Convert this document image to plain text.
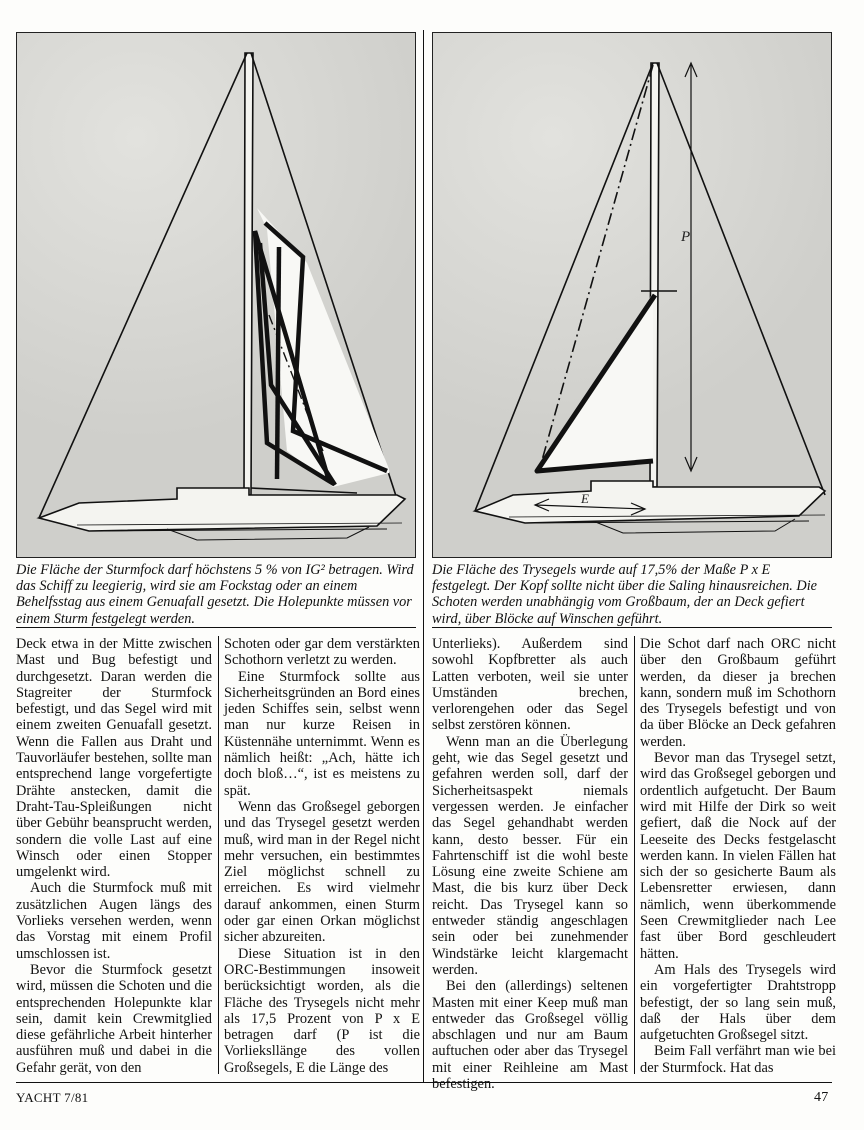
P
E

Die Fläche der Sturmfock darf höchstens 5 % von IG² betragen. Wird das Schiff zu leegierig, wird sie am Fockstag oder an einem Behelfsstag aus einem Genuafall gesetzt. Die Holepunkte müssen vor einem Sturm festgelegt werden.

Die Fläche des Trysegels wurde auf 17,5% der Maße P x E festgelegt. Der Kopf sollte nicht über die Saling hinausreichen. Die Schoten werden unabhängig vom Großbaum, der an Deck gefiert wird, über Blöcke auf Winschen geführt.

Deck etwa in der Mitte zwischen Mast und Bug befestigt und durchgesetzt. Daran werden die Stagreiter der Sturmfock befestigt, und das Segel wird mit einem zweiten Genuafall gesetzt. Wenn die Fallen aus Draht und Tauvorläufer bestehen, sollte man entsprechend lange vorgefertigte Drähte anstecken, damit die Draht-Tau-Spleißungen nicht über Gebühr beansprucht werden, sondern die volle Last auf eine Winsch oder einen Stopper umgelenkt wird.

Auch die Sturmfock muß mit zusätzlichen Augen längs des Vorlieks versehen werden, wenn das Vorstag mit einem Profil umschlossen ist.

Bevor die Sturmfock gesetzt wird, müssen die Schoten und die entsprechenden Holepunkte klar sein, damit kein Crewmitglied diese gefährliche Arbeit hinterher ausführen muß und dabei in die Gefahr gerät, von den

Schoten oder gar dem verstärkten Schothorn verletzt zu werden.

Eine Sturmfock sollte aus Sicherheitsgründen an Bord eines jeden Schiffes sein, selbst wenn man nur kurze Reisen in Küstennähe unternimmt. Wenn es nämlich heißt: „Ach, hätte ich doch bloß…“, ist es meistens zu spät.

Wenn das Großsegel geborgen und das Trysegel gesetzt werden muß, wird man in der Regel nicht mehr versuchen, ein bestimmtes Ziel möglichst schnell zu erreichen. Es wird vielmehr darauf ankommen, einen Sturm oder gar einen Orkan möglichst sicher abzureiten.

Diese Situation ist in den ORC-Bestimmungen insoweit berücksichtigt worden, als die Fläche des Trysegels nicht mehr als 17,5 Prozent von P x E betragen darf (P ist die Vorlieksllänge des vollen Großsegels, E die Länge des

Unterlieks). Außerdem sind sowohl Kopfbretter als auch Latten verboten, weil sie unter Umständen brechen, verlorengehen oder das Segel selbst zerstören können.

Wenn man an die Überlegung geht, wie das Segel gesetzt und gefahren werden soll, darf der Sicherheitsaspekt niemals vergessen werden. Je einfacher das Segel gehandhabt werden kann, desto besser. Für ein Fahrtenschiff ist die wohl beste Lösung eine zweite Schiene am Mast, die bis kurz über Deck reicht. Das Trysegel kann so entweder ständig angeschlagen sein oder bei zunehmender Windstärke leicht klargemacht werden.

Bei den (allerdings) seltenen Masten mit einer Keep muß man entweder das Großsegel völlig abschlagen und nur am Baum auftuchen oder aber das Trysegel mit einer Reihleine am Mast befestigen.

Die Schot darf nach ORC nicht über den Großbaum geführt werden, da dieser ja brechen kann, sondern muß im Schothorn des Trysegels befestigt und von da über Blöcke an Deck gefahren werden.

Bevor man das Trysegel setzt, wird das Großsegel geborgen und ordentlich aufgetucht. Der Baum wird mit Hilfe der Dirk so weit gefiert, daß die Nock auf der Leeseite des Decks festgelascht werden kann. In vielen Fällen hat sich der so gesicherte Baum als Lebensretter erwiesen, dann nämlich, wenn überkommende Seen Crewmitglieder nach Lee fast über Bord geschleudert hätten.

Am Hals des Trysegels wird ein vorgefertigter Drahtstropp befestigt, der so lang sein muß, daß der Hals über dem aufgetuchten Großsegel sitzt.

Beim Fall verfährt man wie bei der Sturmfock. Hat das

YACHT 7/81	47
